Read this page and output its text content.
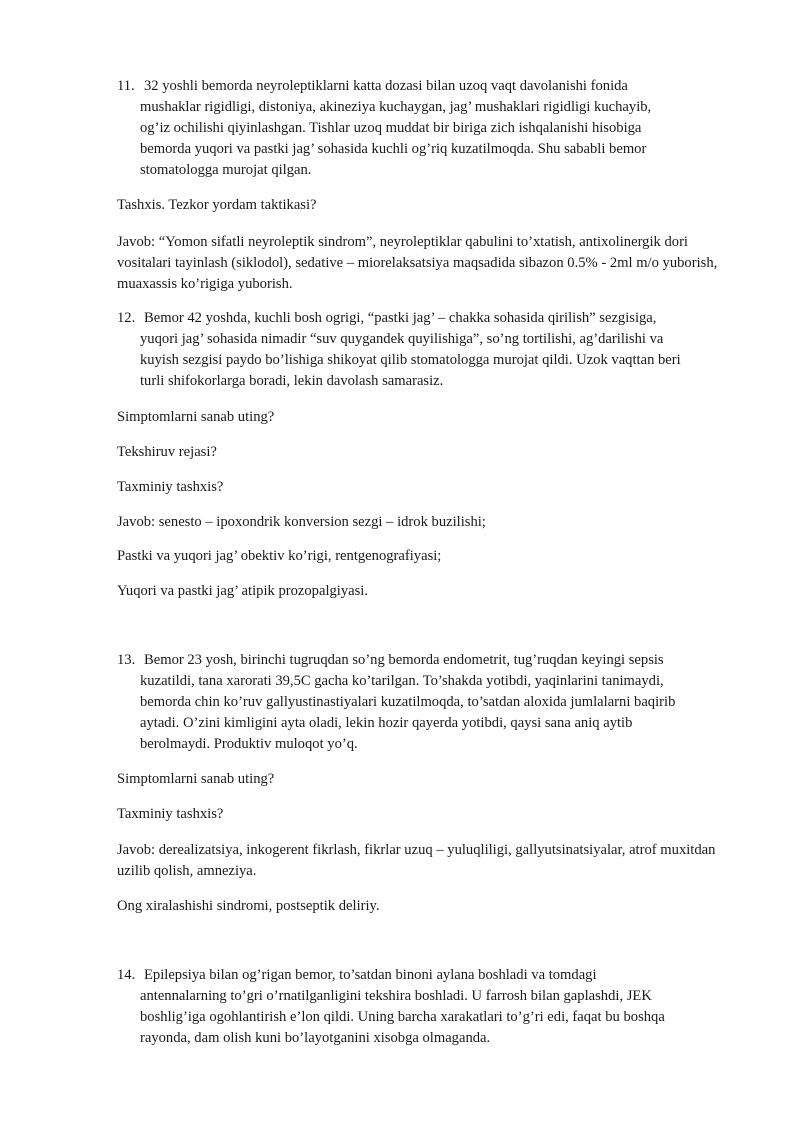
11. 32 yoshli bemorda neyroleptiklarni katta dozasi bilan uzoq vaqt davolanishi fonida
mushaklar rigidligi, distoniya, akineziya kuchaygan, jag’ mushaklari rigidligi kuchayib,
og’iz ochilishi qiyinlashgan. Tishlar uzoq muddat bir biriga zich ishqalanishi hisobiga
bemorda yuqori va pastki jag’ sohasida kuchli og’riq kuzatilmoqda. Shu sababli bemor
stomatologga murojat qilgan.
Tashxis. Tezkor yordam taktikasi?
Javob: “Yomon sifatli neyroleptik sindrom”, neyroleptiklar qabulini to’xtatish, antixolinergik dori vositalari tayinlash (siklodol), sedative – miorelaksatsiya maqsadida sibazon 0.5% - 2ml m/o yuborish, muaxassis ko’rigiga yuborish.
12. Bemor 42 yoshda, kuchli bosh ogrigi, “pastki jag’ – chakka sohasida qirilish” sezgisiga,
yuqori jag’ sohasida nimadir “suv quygandek quyilishiga”, so’ng tortilishi, ag’darilishi va
kuyish sezgisi paydo bo’lishiga shikoyat qilib stomatologga murojat qildi. Uzok vaqttan beri
turli shifokorlarga boradi, lekin davolash samarasiz.
Simptomlarni sanab uting?
Tekshiruv rejasi?
Taxminiy tashxis?
Javob: senesto – ipoxondrik konversion sezgi – idrok buzilishi;
Pastki va yuqori jag’ obektiv ko’rigi, rentgenografiyasi;
Yuqori va pastki jag’ atipik prozopalgiyasi.
13. Bemor 23 yosh, birinchi tugruqdan so’ng bemorda endometrit, tug’ruqdan keyingi sepsis
kuzatildi, tana xarorati 39,5C gacha ko’tarilgan. To’shakda yotibdi, yaqinlarini tanimaydi,
bemorda chin ko’ruv gallyustinastiyalari kuzatilmoqda, to’satdan aloxida jumlalarni baqirib
aytadi. O’zini kimligini ayta oladi, lekin hozir qayerda yotibdi, qaysi sana aniq aytib
berolmaydi. Produktiv muloqot yo’q.
Simptomlarni sanab uting?
Taxminiy tashxis?
Javob: derealizatsiya, inkogerent fikrlash, fikrlar uzuq – yuluqliligi, gallyutsinatsiyalar, atrof muxitdan uzilib qolish, amneziya.
Ong xiralashishi sindromi, postseptik deliriy.
14. Epilepsiya bilan og’rigan bemor, to’satdan binoni aylana boshladi va tomdagi
antennalarning to’gri o’rnatilganligini tekshira boshladi. U farrosh bilan gaplashdi, JEK
boshlig’iga ogohlantirish e’lon qildi. Uning barcha xarakatlari to’g’ri edi, faqat bu boshqa
rayonda, dam olish kuni bo’layotganini xisobga olmaganda.
